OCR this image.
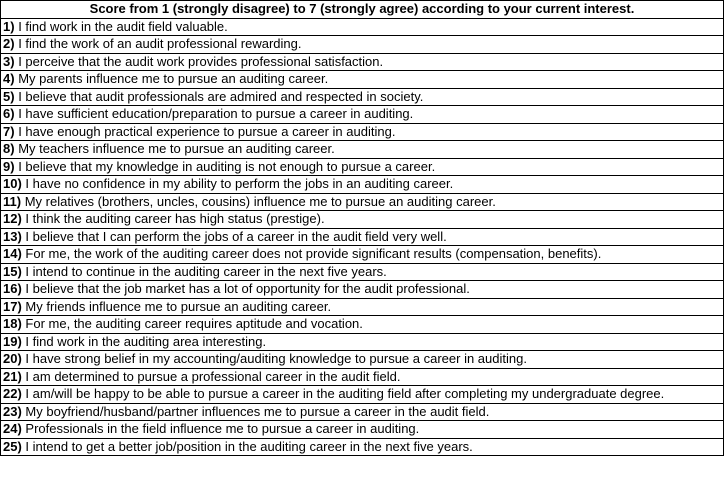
Score from 1 (strongly disagree) to 7 (strongly agree) according to your current interest.
1) I find work in the audit field valuable.
2) I find the work of an audit professional rewarding.
3) I perceive that the audit work provides professional satisfaction.
4) My parents influence me to pursue an auditing career.
5) I believe that audit professionals are admired and respected in society.
6) I have sufficient education/preparation to pursue a career in auditing.
7) I have enough practical experience to pursue a career in auditing.
8) My teachers influence me to pursue an auditing career.
9) I believe that my knowledge in auditing is not enough to pursue a career.
10) I have no confidence in my ability to perform the jobs in an auditing career.
11) My relatives (brothers, uncles, cousins) influence me to pursue an auditing career.
12) I think the auditing career has high status (prestige).
13) I believe that I can perform the jobs of a career in the audit field very well.
14) For me, the work of the auditing career does not provide significant results (compensation, benefits).
15) I intend to continue in the auditing career in the next five years.
16) I believe that the job market has a lot of opportunity for the audit professional.
17) My friends influence me to pursue an auditing career.
18) For me, the auditing career requires aptitude and vocation.
19) I find work in the auditing area interesting.
20) I have strong belief in my accounting/auditing knowledge to pursue a career in auditing.
21) I am determined to pursue a professional career in the audit field.
22) I am/will be happy to be able to pursue a career in the auditing field after completing my undergraduate degree.
23) My boyfriend/husband/partner influences me to pursue a career in the audit field.
24) Professionals in the field influence me to pursue a career in auditing.
25) I intend to get a better job/position in the auditing career in the next five years.
